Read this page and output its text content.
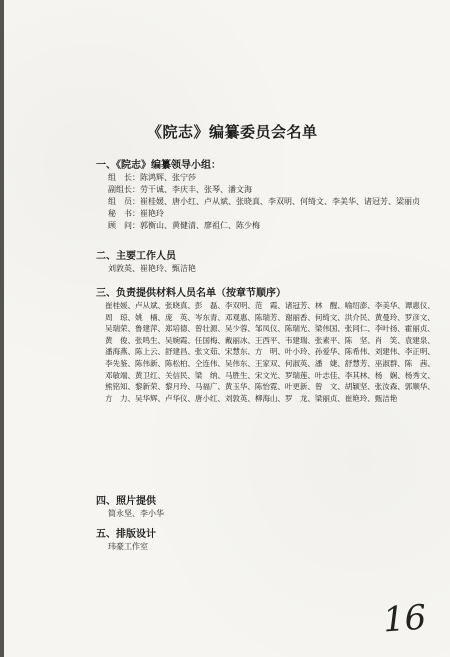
《院志》编纂委员会名单
一、《院志》编纂领导小组：
组　长：陈鸿辉、张宁莎
副组长：劳干诚、李庆丰、张琴、潘文海
组　员：崔桂媛、唐小红、卢从斌、张晓真、李双明、何绮文、李美华、诸冠芳、梁丽贞
秘　书：崔艳玲
顾　问：郭衡山、黄健清、廖祖仁、陈少梅
二、主要工作人员
刘敦英、崔艳玲、甄洁艳
三、负责提供材料人员名单（按章节顺序）
崔桂媛、卢从斌、张晓真、彭　磊、李双明、范　霞、诸冠芳、林　醒、喻绍澎、李美华、谭惠仪、
周　琼、姚　楠、庞　英、岑东青、邓观惠、陈瑞芳、谢丽香、何绮文、洪介民、黄曼玲、罗彦文、
吴瑞荣、鲁建萍、郑培德、曾壮源、吴少蓉、邹凤仪、陈瑞光、梁伟国、张同仁、李叶扬、霍丽贞、
黄　俊、张鸣生、吴婉霞、任国梅、戴丽冰、王西平、韦建瑞、张素平、陈　坚、肖　笑、袁建泉、
潘海燕、陈上云、舒建昌、张文茹、宋慧东、方　明、叶小玲、孙爱华、陈希伟、刘建伟、李正明、
李先鉴、陈伟新、陈松柏、仝连伟、吴伟东、王家双、何淑英、潘　婕、舒慧芳、巫淑群、陈　茜、
邓敏端、黄卫红、关信民、梁　纳、马胜生、宋文光、罗瑞莲、叶志佳、李其林、杨　娴、杨秀文、
熊铭知、黎新荣、黎月玲、马福广、黄玉华、陈怡霓、叶更新、曾　文、胡颖坚、张汝森、郭顺华、
方　力、吴华辉、卢华仪、唐小红、刘敦英、柳海山、罗　龙、梁丽贞、崔艳玲、甄洁艳
四、照片提供
简永坚、李小华
五、排版设计
玮豪工作室
16
